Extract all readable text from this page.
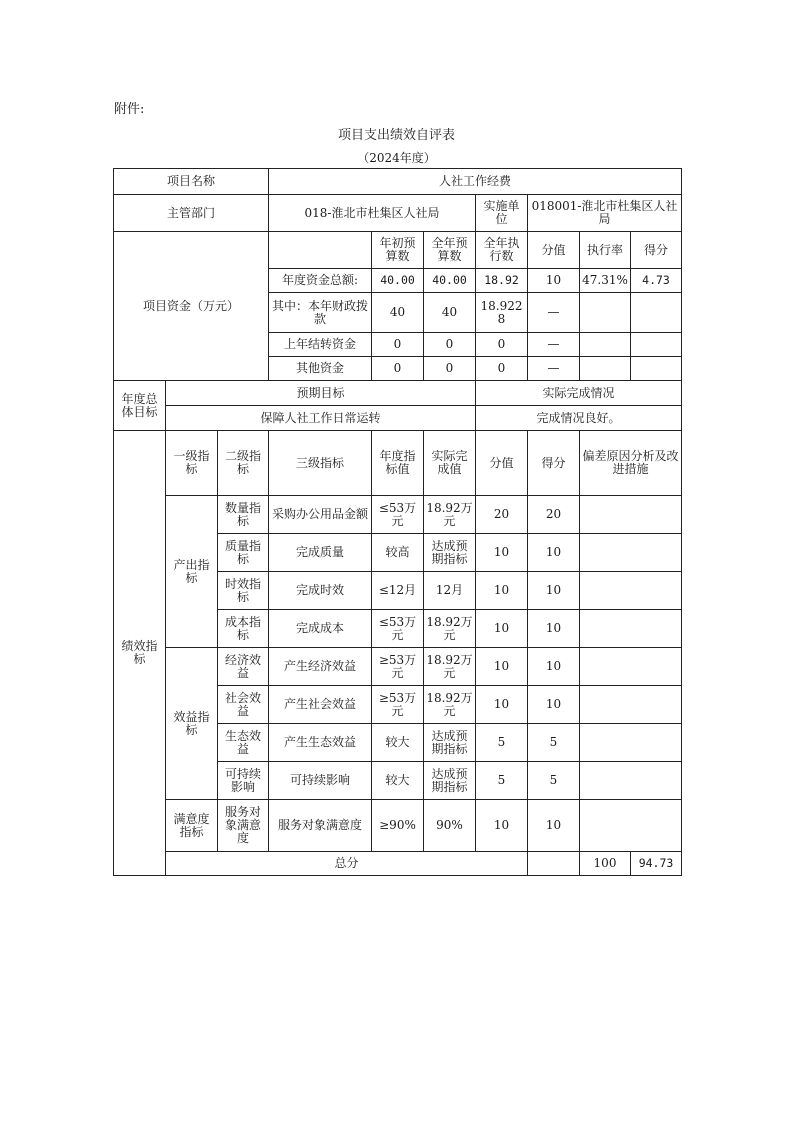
附件:
项目支出绩效自评表
（2024年度）
项目名称			人社工作经费							
主管部门			018-淮北市杜集区人社局			实施单位	018001-淮北市杜集区人社局			
项目资金（万元）				年初预算数	全年预算数	全年执行数	分值	执行率	得分	
			年度资金总额:	40.00	40.00	18.92	10	47.31%	4.73	
			其中：本年财政拨款	40	40	18.9228	—			
			上年结转资金	0	0	0	—			
			其他资金	0	0	0	—			
年度总体目标	预期目标					实际完成情况				
	保障人社工作日常运转					完成情况良好。				
绩效指标	一级指标	二级指标	三级指标	年度指标值	实际完成值	分值	得分	偏差原因分析及改进措施		
	产出指标	数量指标	采购办公用品金额	≤53万元	18.92万元	20	20			
		质量指标	完成质量	较高	达成预期指标	10	10			
		时效指标	完成时效	≤12月	12月	10	10			
		成本指标	完成成本	≤53万元	18.92万元	10	10			
	效益指标	经济效益	产生经济效益	≥53万元	18.92万元	10	10			
		社会效益	产生社会效益	≥53万元	18.92万元	10	10			
		生态效益	产生生态效益	较大	达成预期指标	5	5			
		可持续影响	可持续影响	较大	达成预期指标	5	5			
	满意度指标	服务对象满意度	服务对象满意度	≥90%	90%	10	10			
	总分							100	94.73	
